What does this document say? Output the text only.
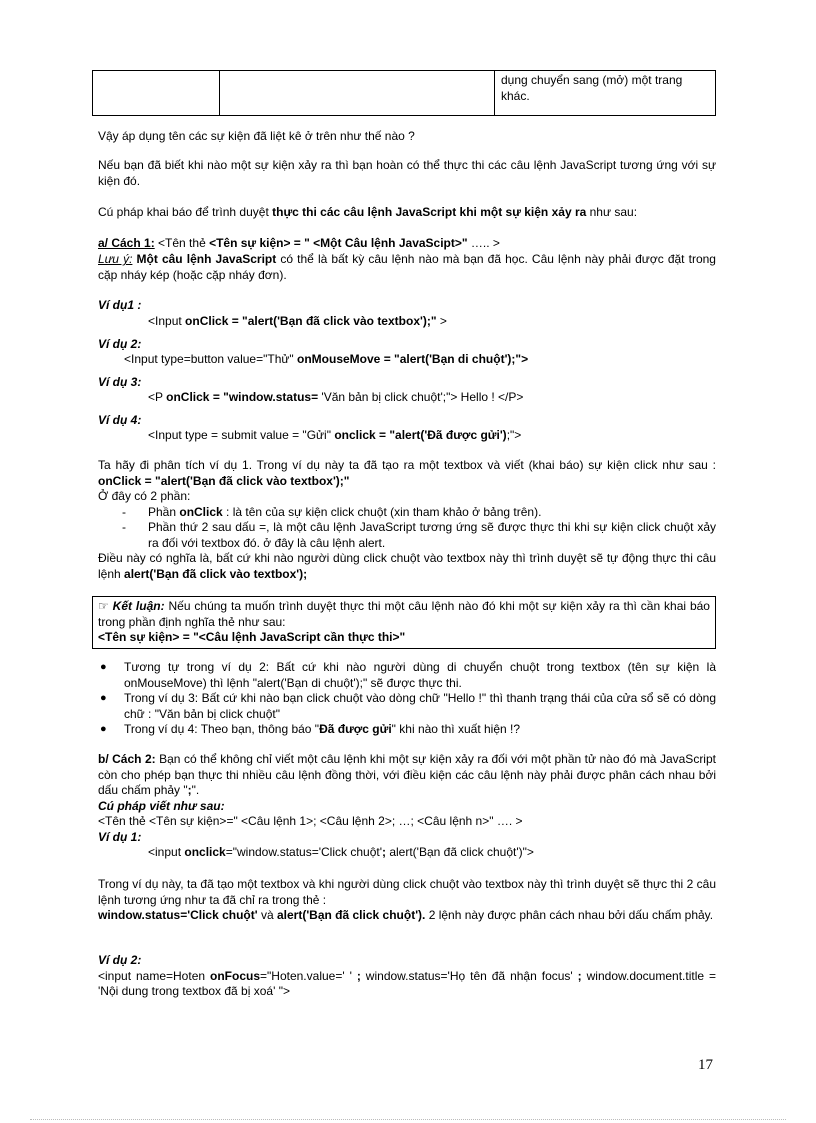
		dụng chuyển sang (mở) một trang khác.

Vậy áp dụng tên các sự kiện đã liệt kê ở trên như thế nào ?

Nếu bạn đã biết khi nào một sự kiện xảy ra thì bạn hoàn có thể thực thi các câu lệnh JavaScript tương ứng với sự kiện đó.

Cú pháp khai báo để trình duyệt thực thi các câu lệnh JavaScript khi một sự kiện xảy ra như sau:

a/ Cách 1: <Tên thẻ <Tên sự kiện> = " <Một Câu lệnh JavaScipt>" ….. >

Lưu ý: Một câu lệnh JavaScript có thể là bất kỳ câu lệnh nào mà bạn đã học. Câu lệnh này phải được đặt trong cặp nháy kép (hoặc cặp nháy đơn).

Ví dụ1 :

<Input onClick = "alert('Bạn đã click vào textbox');" >

Ví dụ 2:

<Input type=button value="Thử" onMouseMove = "alert('Bạn di chuột');">

Ví dụ 3:

<P onClick = "window.status= 'Văn bản bị click chuột';"> Hello ! </P>

Ví dụ 4:

<Input type = submit value = "Gửi" onclick = "alert('Đã được gửi');">

Ta hãy đi phân tích ví dụ 1. Trong ví dụ này ta đã tạo ra một textbox và viết (khai báo) sự kiện click như sau : onClick = "alert('Bạn đã click vào textbox');"

Ở đây có 2 phần:

- Phần onClick : là tên của sự kiện click chuột (xin tham khảo ở bảng trên).
- Phần thứ 2 sau dấu =, là một câu lệnh JavaScript tương ứng sẽ được thực thi khi sự kiện click chuột xảy ra đối với textbox đó. ở đây là câu lệnh alert.

Điều này có nghĩa là, bất cứ khi nào người dùng click chuột vào textbox này thì trình duyệt sẽ tự động thực thi câu lệnh alert('Bạn đã click vào textbox');

☞ Kết luận: Nếu chúng ta muốn trình duyệt thực thi một câu lệnh nào đó khi một sự kiện xảy ra thì cần khai báo trong phần định nghĩa thẻ như sau:

<Tên sự kiện> = "<Câu lệnh JavaScript cần thực thi>"

● Tương tự trong ví dụ 2: Bất cứ khi nào người dùng di chuyển chuột trong textbox (tên sự kiện là onMouseMove) thì lệnh "alert('Bạn di chuột');" sẽ được thực thi.
● Trong ví dụ 3: Bất cứ khi nào bạn click chuột vào dòng chữ "Hello !" thì thanh trạng thái của cửa sổ sẽ có dòng chữ : "Văn bản bị click chuột"
● Trong ví dụ 4: Theo bạn, thông báo "Đã được gửi" khi nào thì xuất hiện !?

b/ Cách 2: Bạn có thể không chỉ viết một câu lệnh khi một sự kiện xảy ra đối với một phần tử nào đó mà JavaScript còn cho phép bạn thực thi nhiều câu lệnh đồng thời, với điều kiện các câu lệnh này phải được phân cách nhau bởi dấu chấm phảy ";".

Cú pháp viết như sau:

<Tên thẻ <Tên sự kiện>=" <Câu lệnh 1>; <Câu lệnh 2>; …; <Câu lệnh n>" …. >

Ví dụ 1:

<input onclick="window.status='Click chuột'; alert('Bạn đã click chuột')">

Trong ví dụ này, ta đã tạo một textbox và khi người dùng click chuột vào textbox này thì trình duyệt sẽ thực thi 2 câu lệnh tương ứng như ta đã chỉ ra trong thẻ :

window.status='Click chuột' và alert('Bạn đã click chuột'). 2 lệnh này được phân cách nhau bởi dấu chấm phảy.

Ví dụ 2:

<input name=Hoten onFocus="Hoten.value=' ' ; window.status='Họ tên đã nhận focus' ; window.document.title = 'Nội dung trong textbox đã bị xoá' ">

17
